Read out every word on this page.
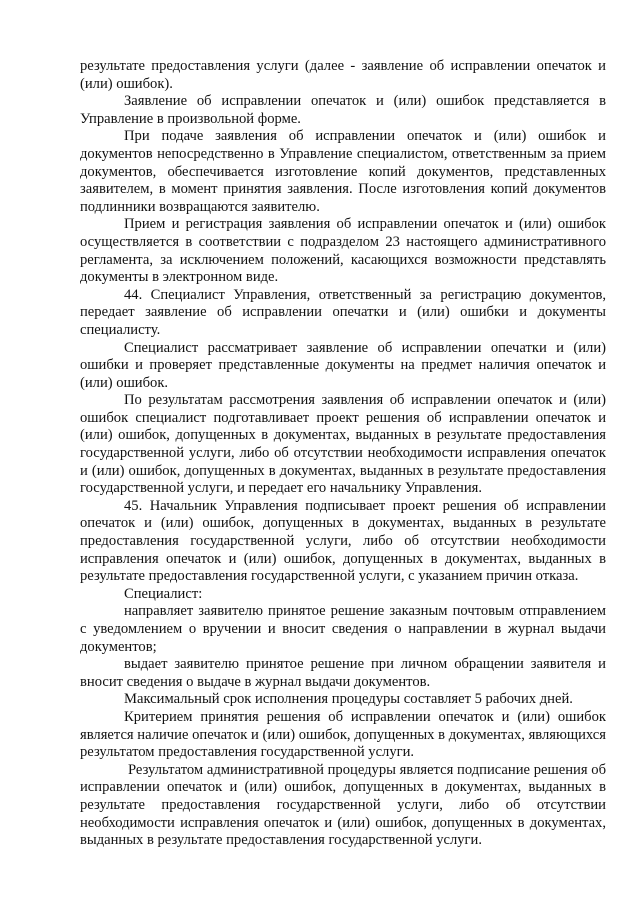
результате предоставления услуги (далее - заявление об исправлении опечаток и (или) ошибок).

Заявление об исправлении опечаток и (или) ошибок представляется в Управление в произвольной форме.

При подаче заявления об исправлении опечаток и (или) ошибок и документов непосредственно в Управление специалистом, ответственным за прием документов, обеспечивается изготовление копий документов, представленных заявителем, в момент принятия заявления. После изготовления копий документов подлинники возвращаются заявителю.

Прием и регистрация заявления об исправлении опечаток и (или) ошибок осуществляется в соответствии с подразделом 23 настоящего административного регламента, за исключением положений, касающихся возможности представлять документы в электронном виде.

44. Специалист Управления, ответственный за регистрацию документов, передает заявление об исправлении опечатки и (или) ошибки и документы специалисту.

Специалист рассматривает заявление об исправлении опечатки и (или) ошибки и проверяет представленные документы на предмет наличия опечаток и (или) ошибок.

По результатам рассмотрения заявления об исправлении опечаток и (или) ошибок специалист подготавливает проект решения об исправлении опечаток и (или) ошибок, допущенных в документах, выданных в результате предоставления государственной услуги, либо об отсутствии необходимости исправления опечаток и (или) ошибок, допущенных в документах, выданных в результате предоставления государственной услуги, и передает его начальнику Управления.

45. Начальник Управления подписывает проект решения об исправлении опечаток и (или) ошибок, допущенных в документах, выданных в результате предоставления государственной услуги, либо об отсутствии необходимости исправления опечаток и (или) ошибок, допущенных в документах, выданных в результате предоставления государственной услуги, с указанием причин отказа.

Специалист:

направляет заявителю принятое решение заказным почтовым отправлением с уведомлением о вручении и вносит сведения о направлении в журнал выдачи документов;

выдает заявителю принятое решение при личном обращении заявителя и вносит сведения о выдаче в журнал выдачи документов.

Максимальный срок исполнения процедуры составляет 5 рабочих дней.

Критерием принятия решения об исправлении опечаток и (или) ошибок является наличие опечаток и (или) ошибок, допущенных в документах, являющихся результатом предоставления государственной услуги.

Результатом административной процедуры является подписание решения об исправлении опечаток и (или) ошибок, допущенных в документах, выданных в результате предоставления государственной услуги, либо об отсутствии необходимости исправления опечаток и (или) ошибок, допущенных в документах, выданных в результате предоставления государственной услуги.
